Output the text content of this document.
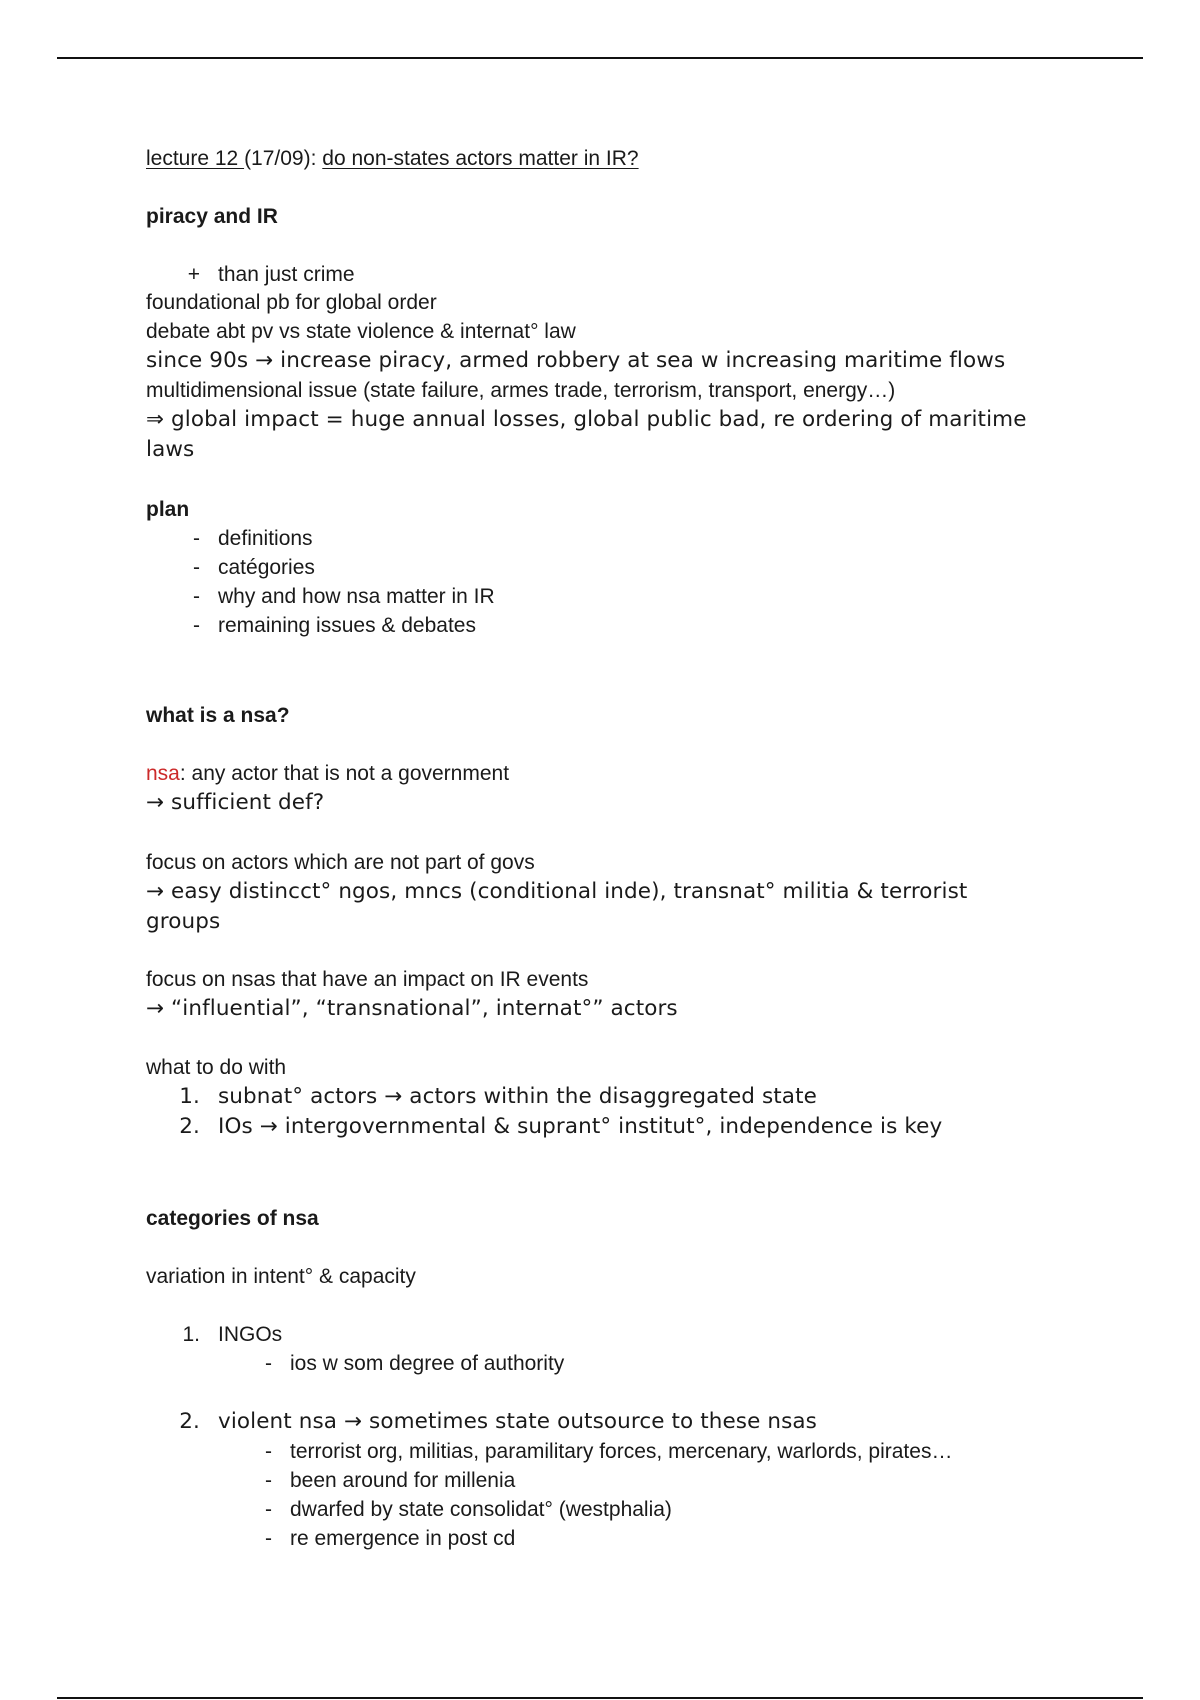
lecture 12 (17/09): do non-states actors matter in IR?
piracy and IR
+ than just crime
foundational pb for global order
debate abt pv vs state violence & internat° law
since 90s → increase piracy, armed robbery at sea w increasing maritime flows
multidimensional issue (state failure, armes trade, terrorism, transport, energy…)
⇒ global impact = huge annual losses, global public bad, re ordering of maritime
laws
plan
- definitions
- catégories
- why and how nsa matter in IR
- remaining issues & debates
what is a nsa?
nsa: any actor that is not a government
→ sufficient def?
focus on actors which are not part of govs
→ easy distincct° ngos, mncs (conditional inde), transnat° militia & terrorist
groups
focus on nsas that have an impact on IR events
→ “influential”, “transnational”, internat°” actors
what to do with
1. subnat° actors → actors within the disaggregated state
2. IOs → intergovernmental & suprant° institut°, independence is key
categories of nsa
variation in intent° & capacity
1. INGOs
- ios w som degree of authority
2. violent nsa → sometimes state outsource to these nsas
- terrorist org, militias, paramilitary forces, mercenary, warlords, pirates…
- been around for millenia
- dwarfed by state consolidat° (westphalia)
- re emergence in post cd
